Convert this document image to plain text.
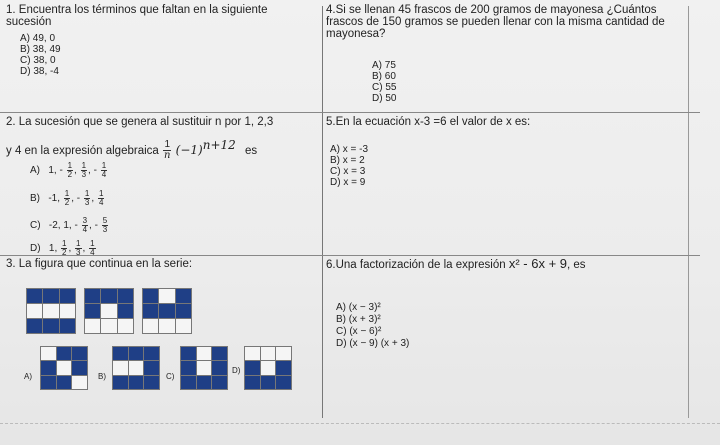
1. Encuentra los términos que faltan en la siguiente sucesión
A) 49, 0
B) 38, 49
C) 38, 0
D) 38, -4
4.Si se llenan 45 frascos de 200 gramos de mayonesa ¿Cuántos frascos de 150 gramos se pueden llenar con la misma cantidad de mayonesa?
A) 75
B) 60
C) 55
D) 50
2. La sucesión que se genera al sustituir n por 1, 2,3
y 4 en la expresión algebraica $\frac{1}{n} (-1)^{n+12}$ es
A) 1, - $\frac{1}{2}$ , $\frac{1}{3}$ , - $\frac{1}{4}$
B) -1, $\frac{1}{2}$ , - $\frac{1}{3}$ , $\frac{1}{4}$
C) -2, 1, - $\frac{3}{4}$ , - $\frac{5}{3}$
D) 1, $\frac{1}{2}$ , $\frac{1}{3}$ , $\frac{1}{4}$
5.En la ecuación x-3 =6 el valor de x es:
A) x = -3
B) x = 2
C) x = 3
D) x = 9
3. La figura que continua en la serie:
A)	B)	C)
D)
6.Una factorización de la expresión x² - 6x + 9, es
A) (x − 3)²
B) (x + 3)²
C) (x − 6)²
D) (x − 9) (x + 3)
